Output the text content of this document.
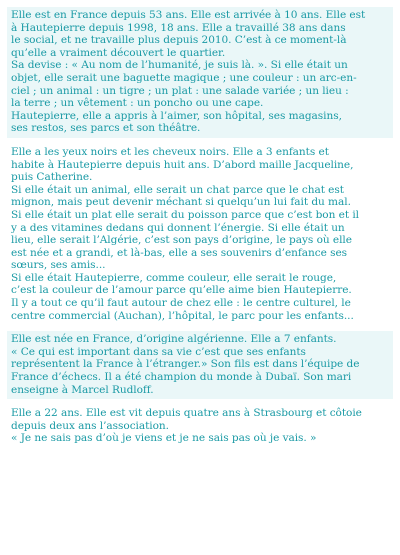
Elle est en France depuis 53 ans. Elle est arrivée à 10 ans. Elle est
à Hautepierre depuis 1998, 18 ans. Elle a travaillé 38 ans dans
le social, et ne travaille plus depuis 2010. C’est à ce moment-là
qu’elle a vraiment découvert le quartier.
Sa devise : « Au nom de l’humanité, je suis là. ». Si elle était un
objet, elle serait une baguette magique ; une couleur : un arc-en-
ciel ; un animal : un tigre ; un plat : une salade variée ; un lieu :
la terre ; un vêtement : un poncho ou une cape.
Hautepierre, elle a appris à l’aimer, son hôpital, ses magasins,
ses restos, ses parcs et son théâtre.
Elle a les yeux noirs et les cheveux noirs. Elle a 3 enfants et
habite à Hautepierre depuis huit ans. D’abord maille Jacqueline,
puis Catherine.
Si elle était un animal, elle serait un chat parce que le chat est
mignon, mais peut devenir méchant si quelqu’un lui fait du mal.
Si elle était un plat elle serait du poisson parce que c’est bon et il
y a des vitamines dedans qui donnent l’énergie. Si elle était un
lieu, elle serait l’Algérie, c’est son pays d’origine, le pays où elle
est née et a grandi, et là-bas, elle a ses souvenirs d’enfance ses
sœurs, ses amis...
Si elle était Hautepierre, comme couleur, elle serait le rouge,
c’est la couleur de l’amour parce qu’elle aime bien Hautepierre.
Il y a tout ce qu’il faut autour de chez elle : le centre culturel, le
centre commercial (Auchan), l’hôpital, le parc pour les enfants...
Elle est née en France, d’origine algérienne. Elle a 7 enfants.
« Ce qui est important dans sa vie c’est que ses enfants
représentent la France à l’étranger.» Son fils est dans l’équipe de
France d’échecs. Il a été champion du monde à Dubaï. Son mari
enseigne à Marcel Rudloff.
Elle a 22 ans. Elle est vit depuis quatre ans à Strasbourg et côtoie
depuis deux ans l’association.
« Je ne sais pas d’où je viens et je ne sais pas où je vais. »
